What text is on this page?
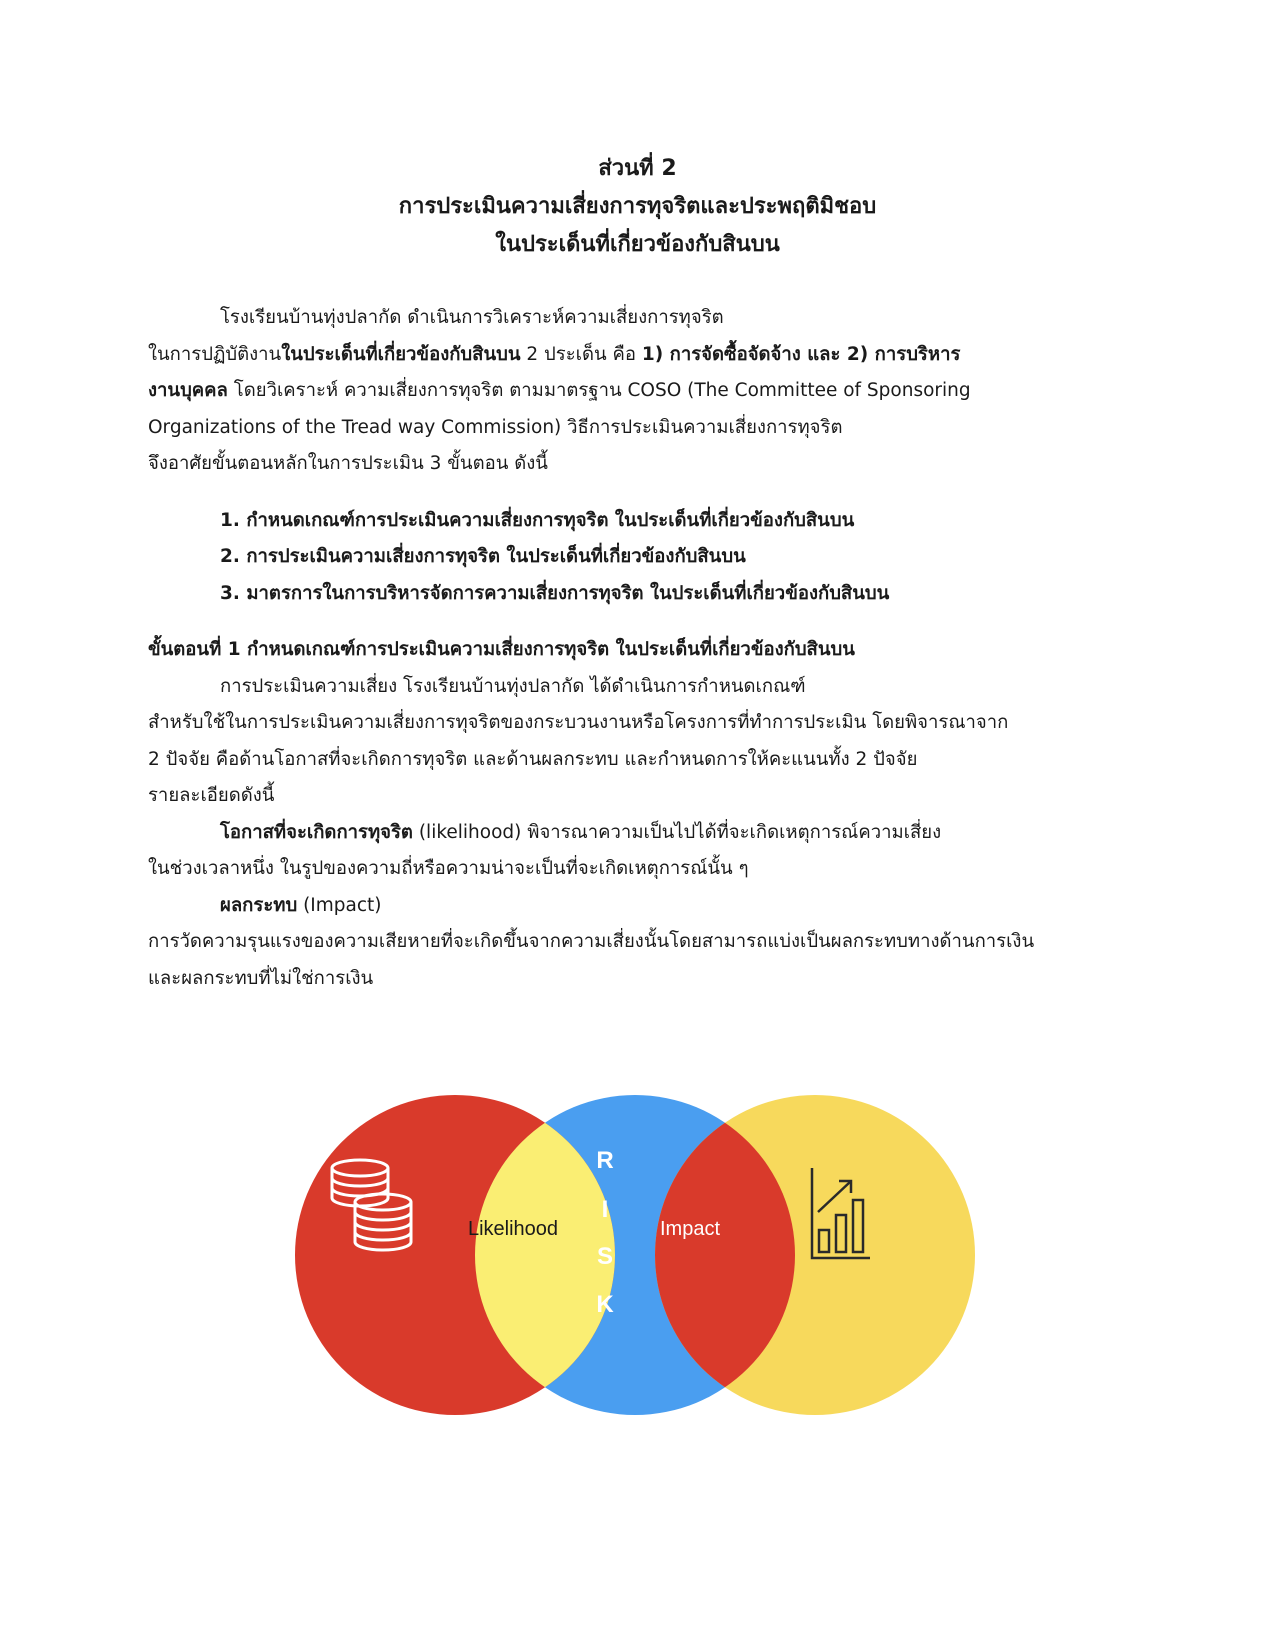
ส่วนที่ 2
การประเมินความเสี่ยงการทุจริตและประพฤติมิชอบ
ในประเด็นที่เกี่ยวข้องกับสินบน
โรงเรียนบ้านทุ่งปลากัด ดำเนินการวิเคราะห์ความเสี่ยงการทุจริต
ในการปฏิบัติงานในประเด็นที่เกี่ยวข้องกับสินบน 2 ประเด็น คือ 1) การจัดซื้อจัดจ้าง และ 2) การบริหาร
งานบุคคล โดยวิเคราะห์ ความเสี่ยงการทุจริต ตามมาตรฐาน COSO (The Committee of Sponsoring
Organizations of the Tread way Commission) วิธีการประเมินความเสี่ยงการทุจริต
จึงอาศัยขั้นตอนหลักในการประเมิน 3 ขั้นตอน ดังนี้
1. กำหนดเกณฑ์การประเมินความเสี่ยงการทุจริต ในประเด็นที่เกี่ยวข้องกับสินบน
2. การประเมินความเสี่ยงการทุจริต ในประเด็นที่เกี่ยวข้องกับสินบน
3. มาตรการในการบริหารจัดการความเสี่ยงการทุจริต ในประเด็นที่เกี่ยวข้องกับสินบน
ขั้นตอนที่ 1 กำหนดเกณฑ์การประเมินความเสี่ยงการทุจริต ในประเด็นที่เกี่ยวข้องกับสินบน
การประเมินความเสี่ยง โรงเรียนบ้านทุ่งปลากัด ได้ดำเนินการกำหนดเกณฑ์
สำหรับใช้ในการประเมินความเสี่ยงการทุจริตของกระบวนงานหรือโครงการที่ทำการประเมิน โดยพิจารณาจาก
2 ปัจจัย คือด้านโอกาสที่จะเกิดการทุจริต และด้านผลกระทบ และกำหนดการให้คะแนนทั้ง 2 ปัจจัย
รายละเอียดดังนี้
โอกาสที่จะเกิดการทุจริต (likelihood) พิจารณาความเป็นไปได้ที่จะเกิดเหตุการณ์ความเสี่ยง
ในช่วงเวลาหนึ่ง ในรูปของความถี่หรือความน่าจะเป็นที่จะเกิดเหตุการณ์นั้น ๆ
ผลกระทบ (Impact)
การวัดความรุนแรงของความเสียหายที่จะเกิดขึ้นจากความเสี่ยงนั้นโดยสามารถแบ่งเป็นผลกระทบทางด้านการเงิน
และผลกระทบที่ไม่ใช่การเงิน
Likelihood	Impact
R
I
S
K
